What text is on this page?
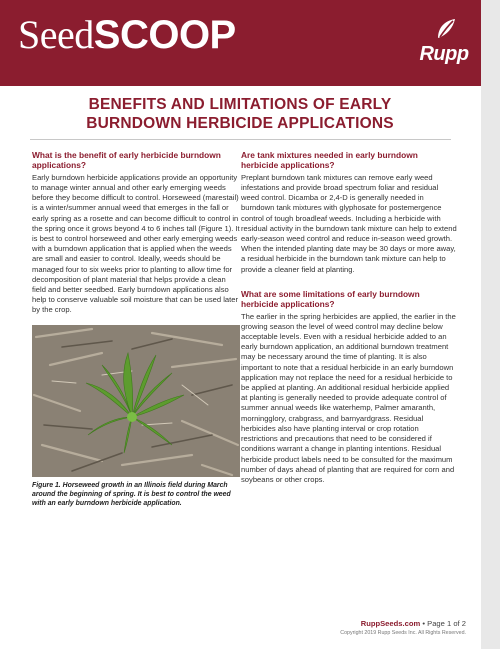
SeedSCOOP	Rupp
BENEFITS AND LIMITATIONS OF EARLY BURNDOWN HERBICIDE APPLICATIONS
What is the benefit of early herbicide burndown applications?

Early burndown herbicide applications provide an opportunity to manage winter annual and other early emerging weeds before they become difficult to control. Horseweed (marestail) is a winter/summer annual weed that emerges in the fall or early spring as a rosette and can become difficult to control in the spring once it grows beyond 4 to 6 inches tall (Figure 1). It is best to control horseweed and other early emerging weeds with a burndown application that is applied when the weeds are small and easier to control. Ideally, weeds should be managed four to six weeks prior to planting to allow time for decomposition of plant material that helps provide a clean field and better seedbed. Early burndown applications also help to conserve valuable soil moisture that can be used later by the crop.

Figure 1. Horseweed growth in an Illinois field during March around the beginning of spring. It is best to control the weed with an early burndown herbicide application.
Are tank mixtures needed in early burndown herbicide applications?

Preplant burndown tank mixtures can remove early weed infestations and provide broad spectrum foliar and residual weed control. Dicamba or 2,4-D is generally needed in burndown tank mixtures with glyphosate for postemergence control of tough broadleaf weeds. Including a herbicide with residual activity in the burndown tank mixture can help to extend early-season weed control and reduce in-season weed growth. When the intended planting date may be 30 days or more away, a residual herbicide in the burndown tank mixture can help to provide a cleaner field at planting.

What are some limitations of early burndown herbicide applications?

The earlier in the spring herbicides are applied, the earlier in the growing season the level of weed control may decline below acceptable levels. Even with a residual herbicide added to an early burndown application, an additional burndown treatment may be necessary around the time of planting. It is also important to note that a residual herbicide in an early burndown application may not replace the need for a residual herbicide to be applied at planting. An additional residual herbicide applied at planting is generally needed to provide adequate control of summer annual weeds like waterhemp, Palmer amaranth, morningglory, crabgrass, and barnyardgrass. Residual herbicides also have planting interval or crop rotation restrictions and precautions that need to be considered if conditions warrant a change in planting intentions. Residual herbicide product labels need to be consulted for the maximum number of days ahead of planting that are required for corn and soybeans or other crops.

RuppSeeds.com • Page 1 of 2
Copyright 2019 Rupp Seeds Inc. All Rights Reserved.
